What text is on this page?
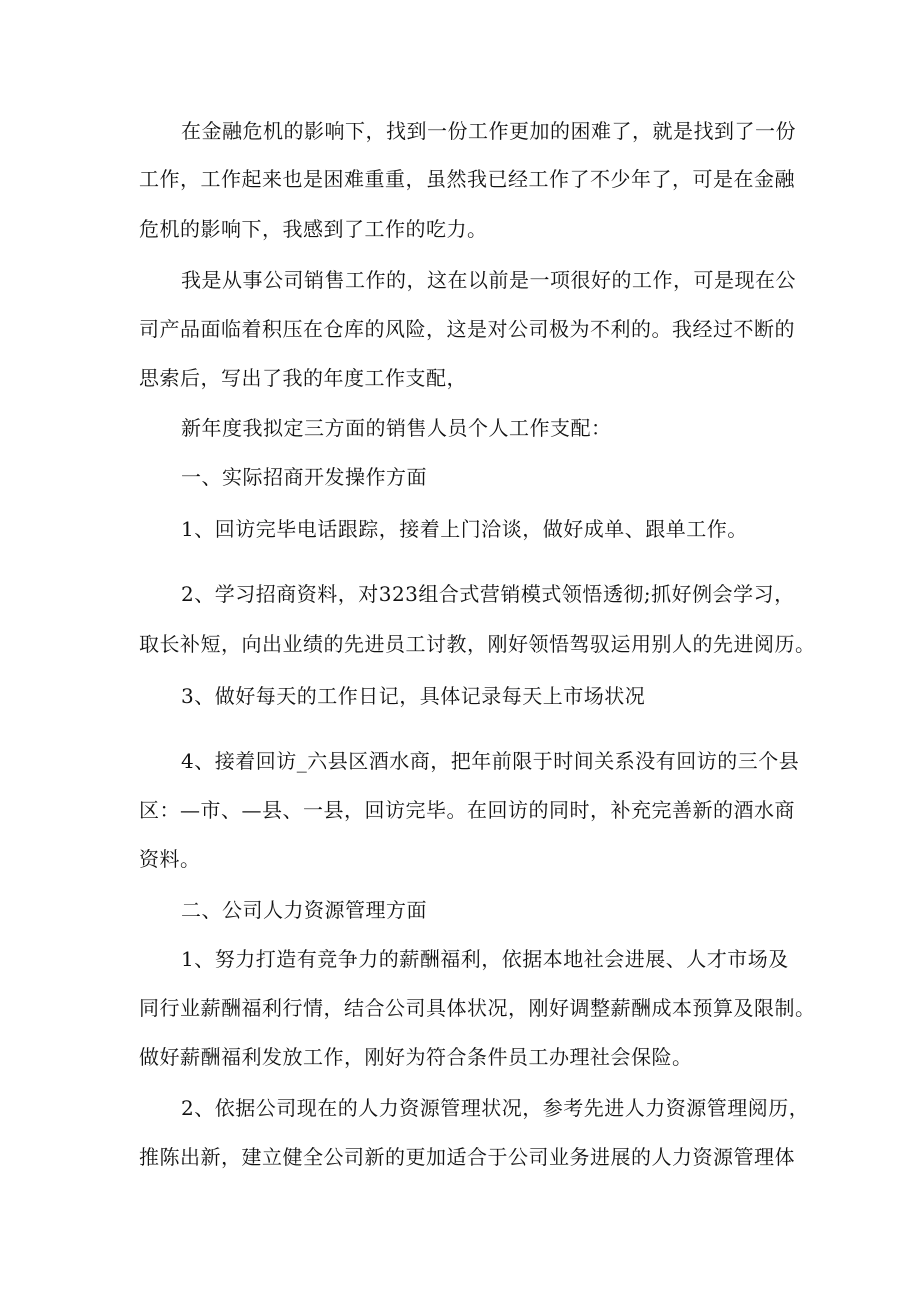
在金融危机的影响下，找到一份工作更加的困难了，就是找到了一份
工作，工作起来也是困难重重，虽然我已经工作了不少年了，可是在金融
危机的影响下，我感到了工作的吃力。
我是从事公司销售工作的，这在以前是一项很好的工作，可是现在公
司产品面临着积压在仓库的风险，这是对公司极为不利的。我经过不断的
思索后，写出了我的年度工作支配，
新年度我拟定三方面的销售人员个人工作支配：
一、实际招商开发操作方面
1、回访完毕电话跟踪，接着上门洽谈，做好成单、跟单工作。
2、学习招商资料，对323组合式营销模式领悟透彻;抓好例会学习，
取长补短，向出业绩的先进员工讨教，刚好领悟驾驭运用别人的先进阅历。
3、做好每天的工作日记，具体记录每天上市场状况
4、接着回访_六县区酒水商，把年前限于时间关系没有回访的三个县
区：—市、—县、一县，回访完毕。在回访的同时，补充完善新的酒水商
资料。
二、公司人力资源管理方面
1、努力打造有竞争力的薪酬福利，依据本地社会进展、人才市场及
同行业薪酬福利行情，结合公司具体状况，刚好调整薪酬成本预算及限制。
做好薪酬福利发放工作，刚好为符合条件员工办理社会保险。
2、依据公司现在的人力资源管理状况，参考先进人力资源管理阅历，
推陈出新，建立健全公司新的更加适合于公司业务进展的人力资源管理体
